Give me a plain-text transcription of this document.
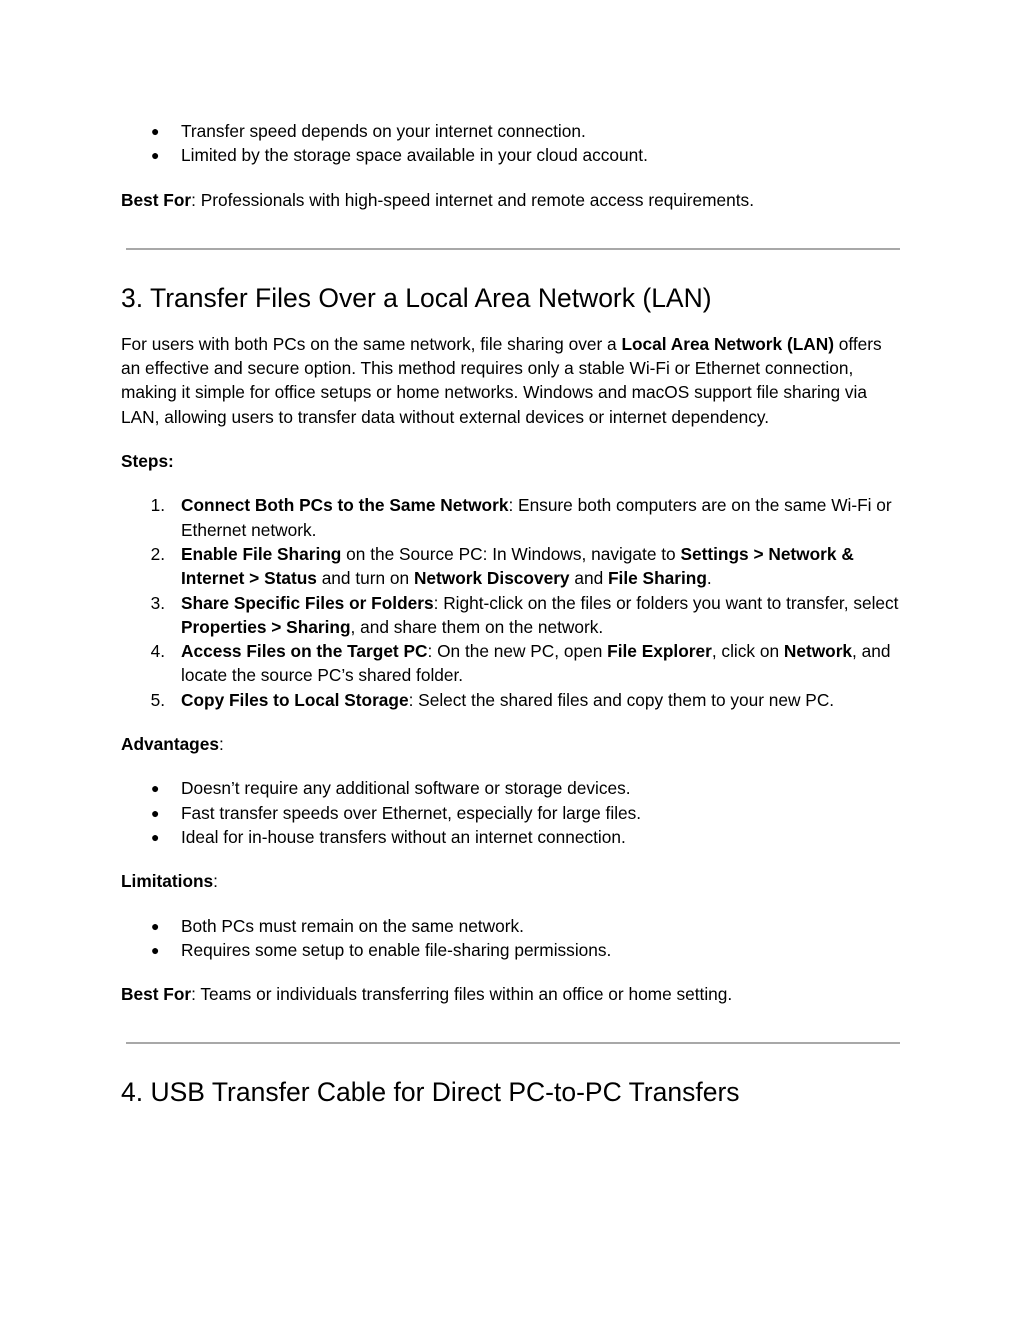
● Transfer speed depends on your internet connection.
● Limited by the storage space available in your cloud account.

Best For: Professionals with high-speed internet and remote access requirements.

3. Transfer Files Over a Local Area Network (LAN)

For users with both PCs on the same network, file sharing over a Local Area Network (LAN) offers an effective and secure option. This method requires only a stable Wi-Fi or Ethernet connection, making it simple for office setups or home networks. Windows and macOS support file sharing via LAN, allowing users to transfer data without external devices or internet dependency.

Steps:

1. Connect Both PCs to the Same Network: Ensure both computers are on the same Wi-Fi or Ethernet network.
2. Enable File Sharing on the Source PC: In Windows, navigate to Settings > Network & Internet > Status and turn on Network Discovery and File Sharing.
3. Share Specific Files or Folders: Right-click on the files or folders you want to transfer, select Properties > Sharing, and share them on the network.
4. Access Files on the Target PC: On the new PC, open File Explorer, click on Network, and locate the source PC’s shared folder.
5. Copy Files to Local Storage: Select the shared files and copy them to your new PC.

Advantages:

● Doesn’t require any additional software or storage devices.
● Fast transfer speeds over Ethernet, especially for large files.
● Ideal for in-house transfers without an internet connection.

Limitations:

● Both PCs must remain on the same network.
● Requires some setup to enable file-sharing permissions.

Best For: Teams or individuals transferring files within an office or home setting.

4. USB Transfer Cable for Direct PC-to-PC Transfers
